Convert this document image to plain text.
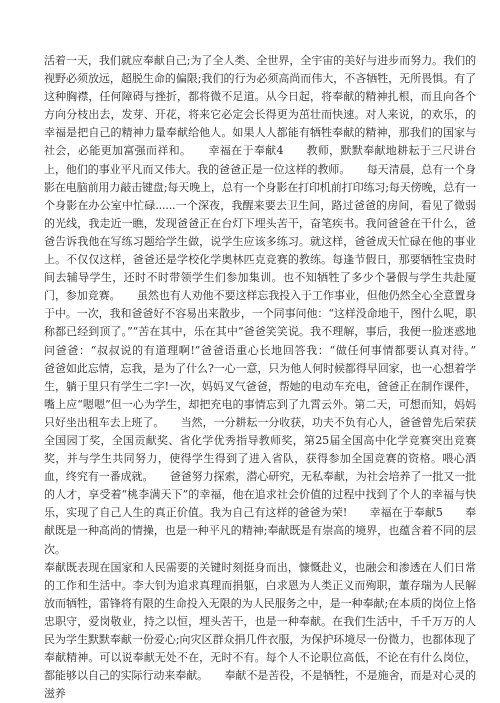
活着一天，我们就应奉献自己;为了全人类、全世界，全宇宙的美好与进步而努力。我们的视野必须放远，超脱生命的偏限;我们的行为必须高尚而伟大，不吝牺牲，无所畏惧。有了这种胸襟，任何障碍与挫折，都将微不足道。从今日起，将奉献的精神扎根，而且向各个方向分枝出去，发芽、开花，将来它必定会长得更为茁壮而快速。对人来说，的欢乐，的幸福是把自己的精神力量奉献给他人。如果人人都能有牺牲奉献的精神，那我们的国家与社会，必能更加富强而祥和。　　幸福在于奉献4　　教师，默默奉献地耕耘于三尺讲台上，他们的事业平凡而又伟大。我的爸爸正是一位这样的教师。　　每天清晨，总有一个身影在电脑前用力敲击键盘;每天晚上，总有一个身影在打印机前打印练习;每天傍晚，总有一个身影在办公室中忙碌......一个深夜，我醒来要去卫生间，路过爸爸的房间，看见了微弱的光线，我走近一瞧，发现爸爸正在台灯下埋头苦干，奋笔疾书。我问爸爸在干什么，爸爸告诉我他在写练习题给学生做，说学生应该多练习。就这样，爸爸成天忙碌在他的事业上。不仅仅这样，爸爸还是学校化学奥林匹克竞赛的教练。每逢节假日，那要牺牲宝贵时间去辅导学生，还时不时带领学生们参加集训。也不知牺牲了多少个暑假与学生共赴厦门，参加竞赛。　　虽然也有人劝他不要这样忘我投入于工作事业，但他仍然全心全意置身于中。一次，我和爸爸好不容易出来散步，一个同事问他：“这样没命地干，图什么呢，职称都已经到顶了。”“苦在其中，乐在其中”爸爸笑笑说。我不理解，事后，我便一脸迷惑地问爸爸：“叔叔说的有道理啊!”爸爸语重心长地回答我：“做任何事情都要认真对待。”　　爸爸如此忘情，忘我，是为了什么?一心一意，只为他人何时候都得早回家，也一心想着学生，躺于里只有学生二字!一次，妈妈叉气爸爸，帮她的电动车充电，爸爸正在制作课件，嘴上应“嗯嗯”但一心为学生，却把充电的事情忘到了九霄云外。第二天，可想而知，妈妈只好坐出租车去上班了。　　当然，一分耕耘一分收获，功夫不负有心人，爸爸曾先后荣获全国园丁奖，全国贡献奖、省化学优秀指导教师奖，第25届全国高中化学竞赛突出竞赛奖，并与学生共同努力，使得学生得到了进入省队，获得参加全国竞赛的资格。喂心酒血，终究有一番成就。　　爸爸努力探索，潜心研究，无私奉献，为社会培养了一批又一批的人才，享受着“桃李满天下”的幸福，他在追求社会价值的过程中找到了个人的幸福与快乐，实现了自己人生的真正价值。我为自己有这样的爸爸为荣!　　幸福在于奉献5　　奉献既是一种高尚的情操，也是一种平凡的精神;奉献既是有崇高的境界，也蕴含着不同的层次。

奉献既表现在国家和人民需要的关键时刻挺身而出，慷慨赴义，也融会和渗透在人们日常的工作和生活中。李大钊为追求真理而捐躯，白求恩为人类正义而殉职，董存瑞为人民解放而牺牲，雷锋将有限的生命投入无限的为人民服务之中，是一种奉献;在本质的岗位上恪忠职守，爱岗敬业，持之以恒，埋头苦干，也是一种奉献。在我们生活中，千千万万的人民为学生默默奉献一份爱心;向灾区群众捐几件衣服，为保护环境尽一份微力，也都体现了奉献精神。可以说奉献无处不在，无时不有。每个人不论职位高低，不论在有什么岗位，都能够以自己的实际行动来奉献。　　奉献不是苦役，不是牺牲，不是施舍，而是对心灵的滋养
